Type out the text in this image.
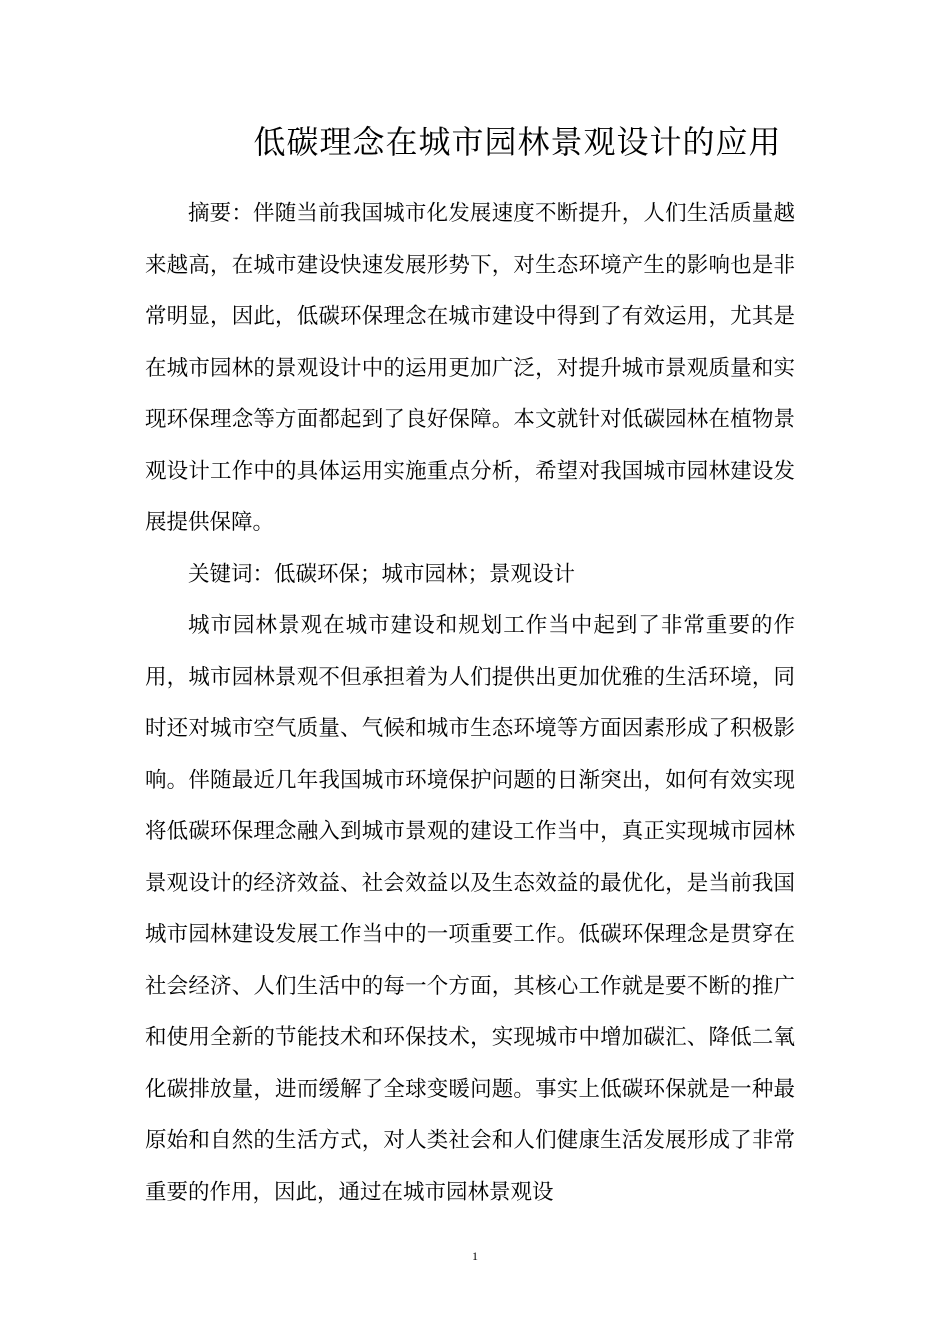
低碳理念在城市园林景观设计的应用

摘要：伴随当前我国城市化发展速度不断提升，人们生活质量越来越高，在城市建设快速发展形势下，对生态环境产生的影响也是非常明显，因此，低碳环保理念在城市建设中得到了有效运用，尤其是在城市园林的景观设计中的运用更加广泛，对提升城市景观质量和实现环保理念等方面都起到了良好保障。本文就针对低碳园林在植物景观设计工作中的具体运用实施重点分析，希望对我国城市园林建设发展提供保障。

关键词：低碳环保；城市园林；景观设计

城市园林景观在城市建设和规划工作当中起到了非常重要的作用，城市园林景观不但承担着为人们提供出更加优雅的生活环境，同时还对城市空气质量、气候和城市生态环境等方面因素形成了积极影响。伴随最近几年我国城市环境保护问题的日渐突出，如何有效实现将低碳环保理念融入到城市景观的建设工作当中，真正实现城市园林景观设计的经济效益、社会效益以及生态效益的最优化，是当前我国城市园林建设发展工作当中的一项重要工作。低碳环保理念是贯穿在社会经济、人们生活中的每一个方面，其核心工作就是要不断的推广和使用全新的节能技术和环保技术，实现城市中增加碳汇、降低二氧化碳排放量，进而缓解了全球变暖问题。事实上低碳环保就是一种最原始和自然的生活方式，对人类社会和人们健康生活发展形成了非常重要的作用，因此，通过在城市园林景观设

1
